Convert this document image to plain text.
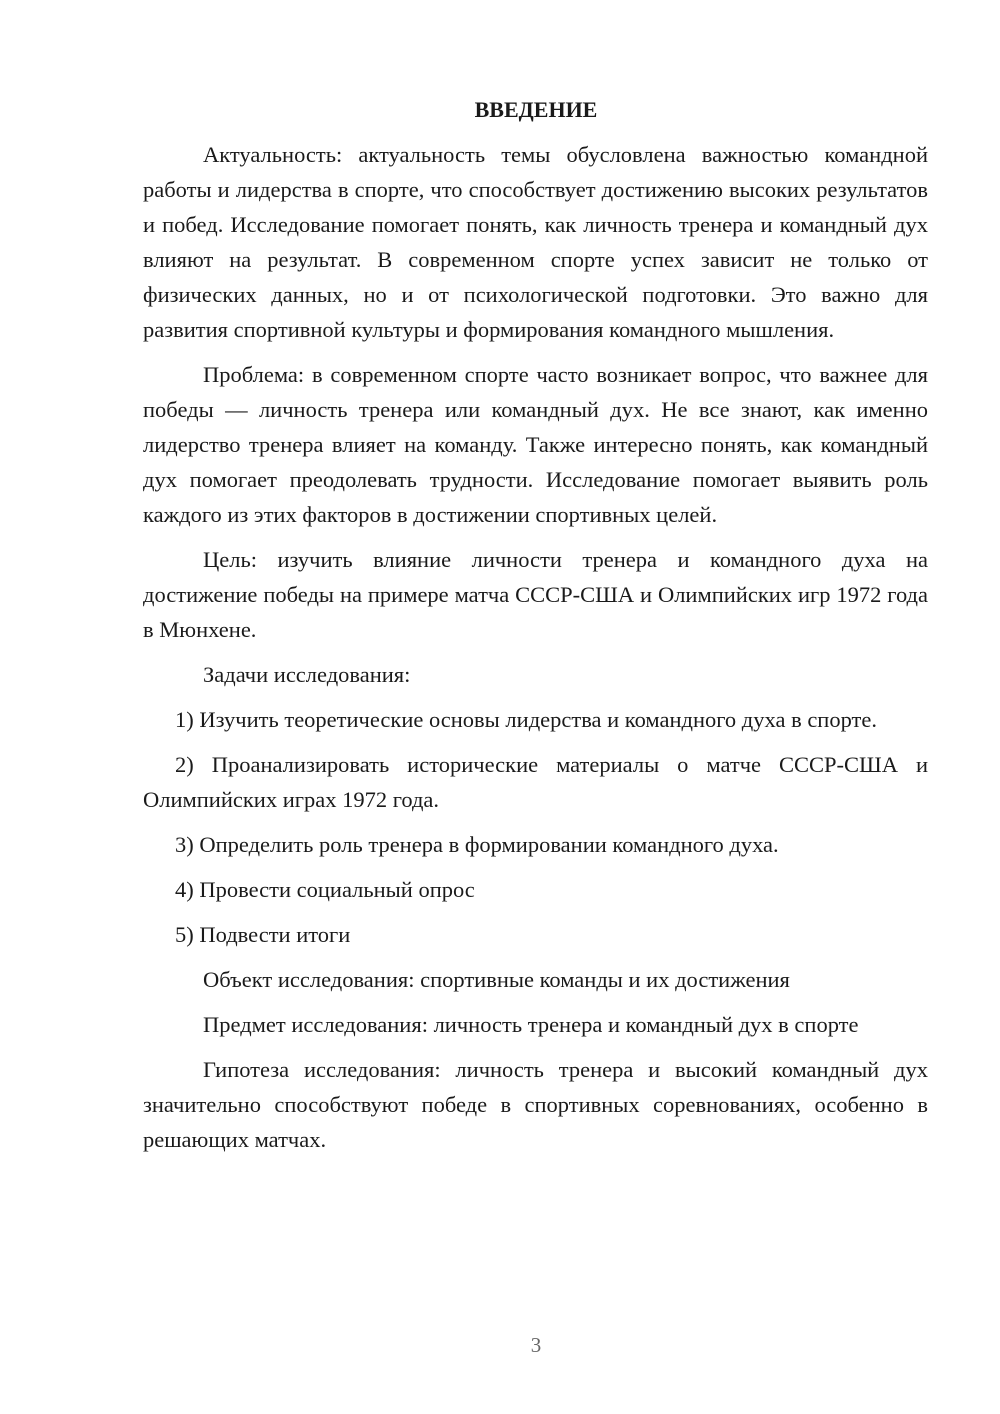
ВВЕДЕНИЕ

Актуальность: актуальность темы обусловлена важностью командной работы и лидерства в спорте, что способствует достижению высоких результатов и побед. Исследование помогает понять, как личность тренера и командный дух влияют на результат. В современном спорте успех зависит не только от физических данных, но и от психологической подготовки. Это важно для развития спортивной культуры и формирования командного мышления.

Проблема: в современном спорте часто возникает вопрос, что важнее для победы — личность тренера или командный дух. Не все знают, как именно лидерство тренера влияет на команду. Также интересно понять, как командный дух помогает преодолевать трудности. Исследование помогает выявить роль каждого из этих факторов в достижении спортивных целей.

Цель: изучить влияние личности тренера и командного духа на достижение победы на примере матча СССР-США и Олимпийских игр 1972 года в Мюнхене.

Задачи исследования:

1) Изучить теоретические основы лидерства и командного духа в спорте.

2) Проанализировать исторические материалы о матче СССР-США и Олимпийских играх 1972 года.

3) Определить роль тренера в формировании командного духа.

4) Провести социальный опрос

5) Подвести итоги

Объект исследования: спортивные команды и их достижения

Предмет исследования: личность тренера и командный дух в спорте

Гипотеза исследования: личность тренера и высокий командный дух значительно способствуют победе в спортивных соревнованиях, особенно в решающих матчах.

3
